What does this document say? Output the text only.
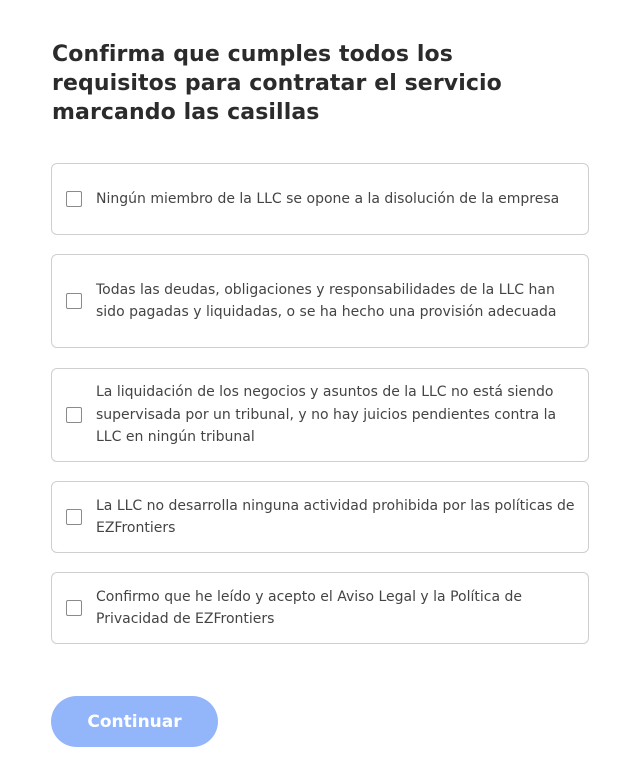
Confirma que cumples todos los requisitos para contratar el servicio marcando las casillas
Ningún miembro de la LLC se opone a la disolución de la empresa
Todas las deudas, obligaciones y responsabilidades de la LLC han sido pagadas y liquidadas, o se ha hecho una provisión adecuada
La liquidación de los negocios y asuntos de la LLC no está siendo supervisada por un tribunal, y no hay juicios pendientes contra la LLC en ningún tribunal
La LLC no desarrolla ninguna actividad prohibida por las políticas de EZFrontiers
Confirmo que he leído y acepto el Aviso Legal y la Política de Privacidad de EZFrontiers
Continuar
